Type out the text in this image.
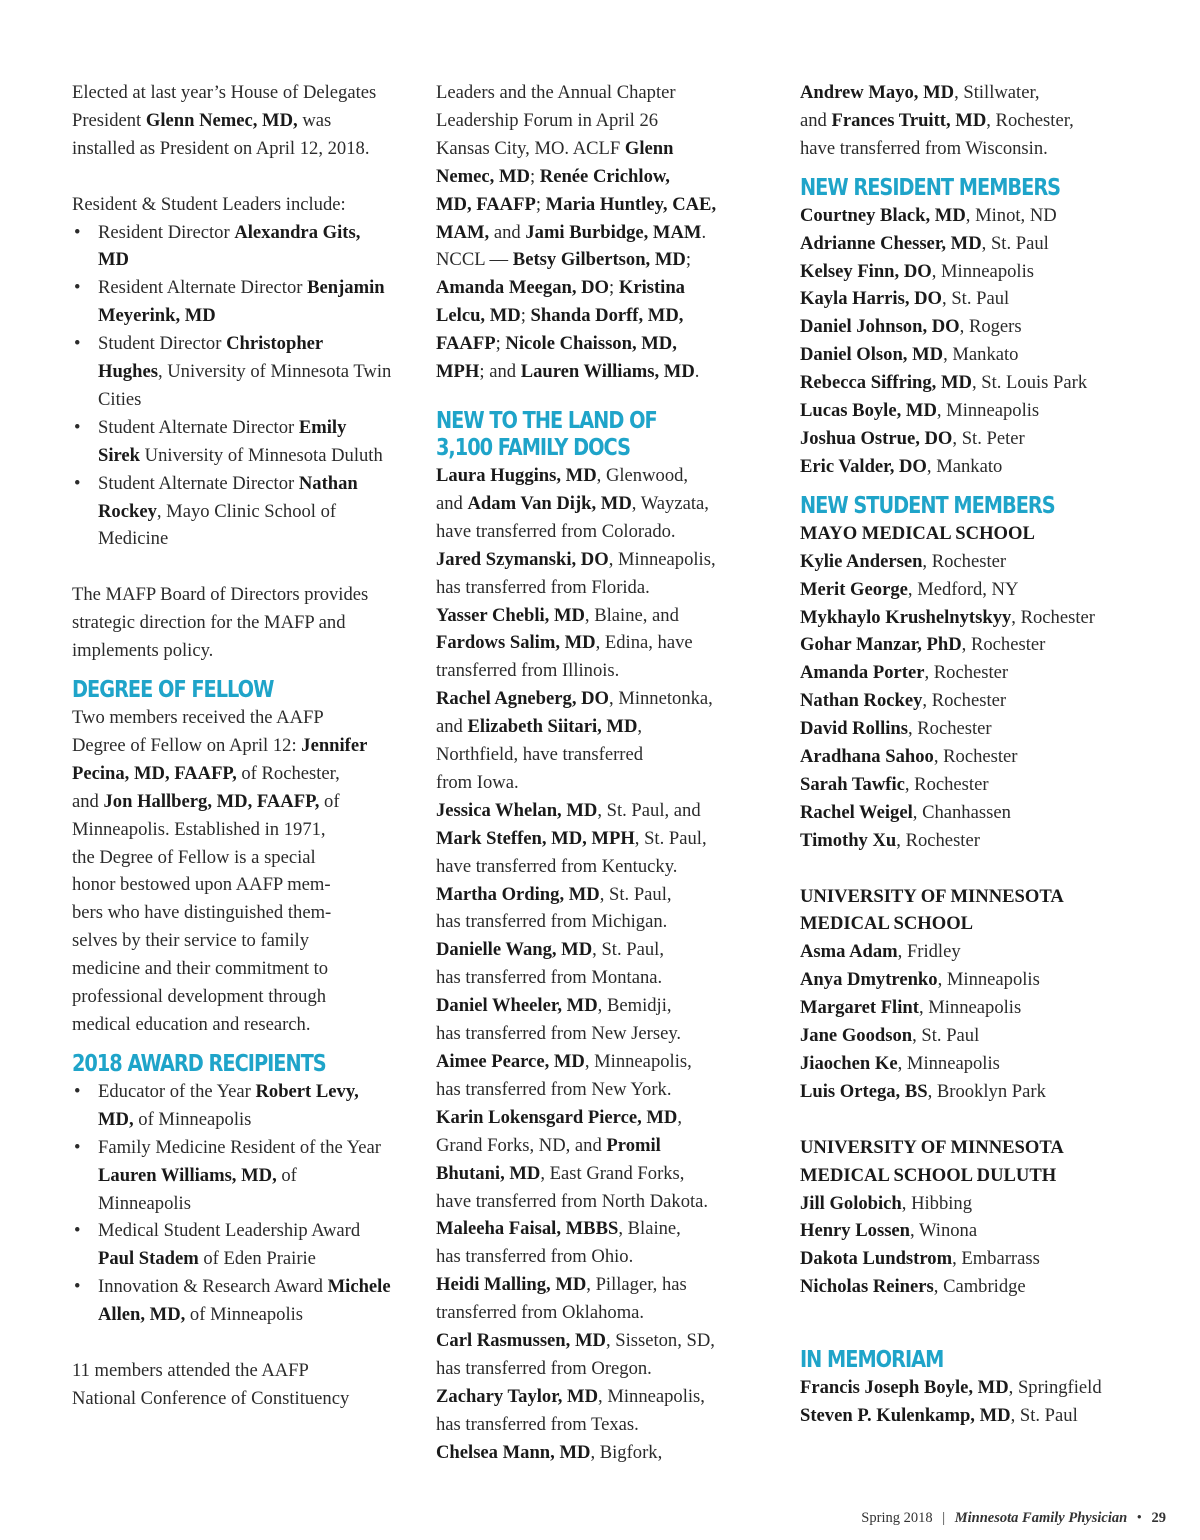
Elected at last year’s House of Delegates
President Glenn Nemec, MD, was
installed as President on April 12, 2018.

Resident & Student Leaders include:

• Resident Director Alexandra Gits, MD
• Resident Alternate Director Benjamin Meyerink, MD
• Student Director Christopher Hughes, University of Minnesota Twin Cities
• Student Alternate Director Emily Sirek University of Minnesota Duluth
• Student Alternate Director Nathan Rockey, Mayo Clinic School of Medicine

The MAFP Board of Directors provides strategic direction for the MAFP and implements policy.

DEGREE OF FELLOW
Two members received the AAFP
Degree of Fellow on April 12: Jennifer
Pecina, MD, FAAFP, of Rochester,
and Jon Hallberg, MD, FAAFP, of
Minneapolis. Established in 1971,
the Degree of Fellow is a special
honor bestowed upon AAFP mem-
bers who have distinguished them-
selves by their service to family
medicine and their commitment to
professional development through
medical education and research.
2018 AWARD RECIPIENTS
• Educator of the Year Robert Levy, MD, of Minneapolis
• Family Medicine Resident of the Year Lauren Williams, MD, of Minneapolis
• Medical Student Leadership Award Paul Stadem of Eden Prairie
• Innovation & Research Award Michele Allen, MD, of Minneapolis
11 members attended the AAFP
National Conference of Constituency
Leaders and the Annual Chapter
Leadership Forum in April 26
Kansas City, MO. ACLF Glenn
Nemec, MD; Renée Crichlow,
MD, FAAFP; Maria Huntley, CAE,
MAM, and Jami Burbidge, MAM.
NCCL — Betsy Gilbertson, MD;
Amanda Meegan, DO; Kristina
Lelcu, MD; Shanda Dorff, MD,
FAAFP; Nicole Chaisson, MD,
MPH; and Lauren Williams, MD.
NEW TO THE LAND OF
3,100 FAMILY DOCS
Laura Huggins, MD, Glenwood,
and Adam Van Dijk, MD, Wayzata,
have transferred from Colorado.
Jared Szymanski, DO, Minneapolis,
has transferred from Florida.
Yasser Chebli, MD, Blaine, and
Fardows Salim, MD, Edina, have
transferred from Illinois.
Rachel Agneberg, DO, Minnetonka,
and Elizabeth Siitari, MD,
Northfield, have transferred
from Iowa.
Jessica Whelan, MD, St. Paul, and
Mark Steffen, MD, MPH, St. Paul,
have transferred from Kentucky.
Martha Ording, MD, St. Paul,
has transferred from Michigan.
Danielle Wang, MD, St. Paul,
has transferred from Montana.
Daniel Wheeler, MD, Bemidji,
has transferred from New Jersey.
Aimee Pearce, MD, Minneapolis,
has transferred from New York.
Karin Lokensgard Pierce, MD,
Grand Forks, ND, and Promil
Bhutani, MD, East Grand Forks,
have transferred from North Dakota.
Maleeha Faisal, MBBS, Blaine,
has transferred from Ohio.
Heidi Malling, MD, Pillager, has
transferred from Oklahoma.
Carl Rasmussen, MD, Sisseton, SD,
has transferred from Oregon.
Zachary Taylor, MD, Minneapolis,
has transferred from Texas.
Chelsea Mann, MD, Bigfork,
Andrew Mayo, MD, Stillwater,
and Frances Truitt, MD, Rochester,
have transferred from Wisconsin.
NEW RESIDENT MEMBERS
Courtney Black, MD, Minot, ND
Adrianne Chesser, MD, St. Paul
Kelsey Finn, DO, Minneapolis
Kayla Harris, DO, St. Paul
Daniel Johnson, DO, Rogers
Daniel Olson, MD, Mankato
Rebecca Siffring, MD, St. Louis Park
Lucas Boyle, MD, Minneapolis
Joshua Ostrue, DO, St. Peter
Eric Valder, DO, Mankato
NEW STUDENT MEMBERS
MAYO MEDICAL SCHOOL
Kylie Andersen, Rochester
Merit George, Medford, NY
Mykhaylo Krushelnytskyy, Rochester
Gohar Manzar, PhD, Rochester
Amanda Porter, Rochester
Nathan Rockey, Rochester
David Rollins, Rochester
Aradhana Sahoo, Rochester
Sarah Tawfic, Rochester
Rachel Weigel, Chanhassen
Timothy Xu, Rochester
UNIVERSITY OF MINNESOTA
MEDICAL SCHOOL
Asma Adam, Fridley
Anya Dmytrenko, Minneapolis
Margaret Flint, Minneapolis
Jane Goodson, St. Paul
Jiaochen Ke, Minneapolis
Luis Ortega, BS, Brooklyn Park
UNIVERSITY OF MINNESOTA
MEDICAL SCHOOL DULUTH
Jill Golobich, Hibbing
Henry Lossen, Winona
Dakota Lundstrom, Embarrass
Nicholas Reiners, Cambridge
IN MEMORIAM
Francis Joseph Boyle, MD, Springfield
Steven P. Kulenkamp, MD, St. Paul
Spring 2018 | Minnesota Family Physician • 29
